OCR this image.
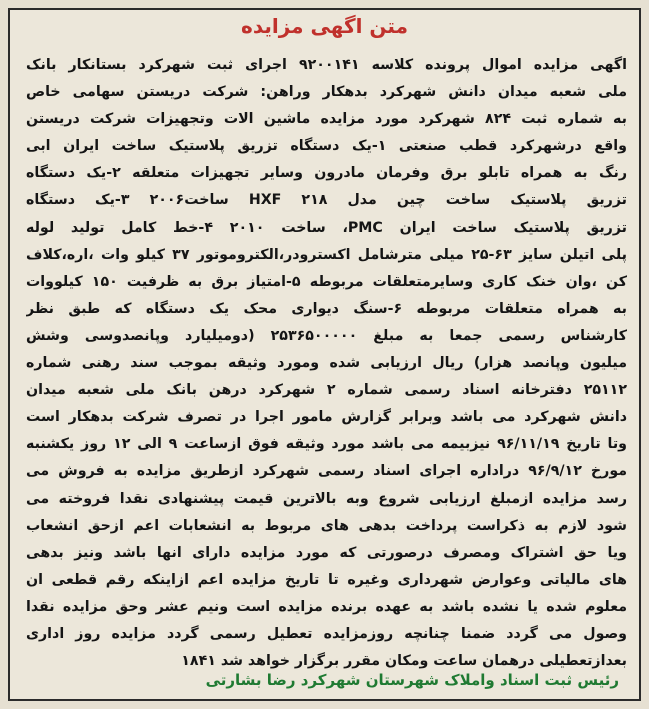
متن اگهی مزایده
اگهی مزایده اموال پرونده کلاسه ۹۲۰۰۱۴۱ اجرای ثبت شهرکرد بستانکار بانک
ملی شعبه میدان دانش شهرکرد بدهکار وراهن: شرکت دریستن سهامی خاص
به شماره ثبت ۸۲۴ شهرکرد مورد مزایده ماشین الات وتجهیزات شرکت دریستن
واقع درشهرکرد قطب صنعتی ۱-یک دستگاه تزریق پلاستیک ساخت ایران ابی
رنگ به همراه تابلو برق وفرمان مادرون وسایر تجهیزات متعلقه ۲-یک دستگاه
تزریق پلاستیک ساخت چین مدل HXF ۲۱۸ ساخت۲۰۰۶ ۳-یک دستگاه
تزریق پلاستیک ساخت ایران PMC، ساخت ۲۰۱۰ ۴-خط کامل تولید لوله
پلی اتیلن سایز ۶۳-۲۵ میلی مترشامل اکسترودر،الکتروموتور ۳۷ کیلو وات ،اره،کلاف
کن ،وان خنک کاری وسایرمتعلقات مربوطه ۵-امتیاز برق به ظرفیت ۱۵۰ کیلووات
به همراه متعلقات مربوطه ۶-سنگ دیواری محک یک دستگاه که طبق نظر
کارشناس رسمی جمعا به مبلغ ۲۵۳۶۵۰۰۰۰۰ (دومیلیارد وپانصدوسی وشش
میلیون وپانصد هزار) ریال ارزیابی شده ومورد وثیقه بموجب سند رهنی شماره
۲۵۱۱۲ دفترخانه اسناد رسمی شماره ۲ شهرکرد درهن بانک ملی شعبه میدان
دانش شهرکرد می باشد وبرابر گزارش مامور اجرا در تصرف شرکت بدهکار است
وتا تاریخ ۹۶/۱۱/۱۹ نیزبیمه می باشد مورد وثیقه فوق ازساعت ۹ الی ۱۲ روز یکشنبه
مورخ ۹۶/۹/۱۲ دراداره اجرای اسناد رسمی شهرکرد ازطریق مزایده به فروش می
رسد مزایده ازمبلغ ارزیابی شروع وبه بالاترین قیمت پیشنهادی نقدا فروخته می
شود لازم به ذکراست پرداخت بدهی های مربوط به انشعابات اعم ازحق انشعاب
ویا حق اشتراک ومصرف درصورتی که مورد مزایده دارای انها باشد ونیز بدهی
های مالیاتی وعوارض شهرداری وغیره تا تاریخ مزایده اعم ازاینکه رقم قطعی ان
معلوم شده یا نشده باشد به عهده برنده مزایده است ونیم عشر وحق مزایده نقدا
وصول می گردد ضمنا چنانچه روزمزایده تعطیل رسمی گردد مزایده روز اداری
بعدازتعطیلی درهمان ساعت ومکان مقرر برگزار خواهد شد ۱۸۴۱
رئیس ثبت اسناد واملاک شهرستان شهرکرد رضا بشارتی
